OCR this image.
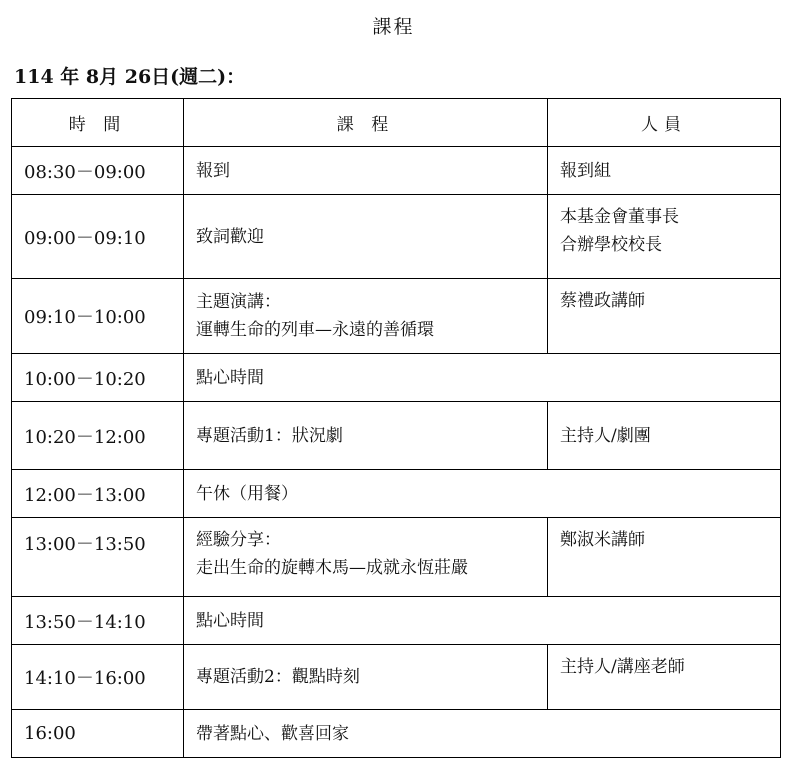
課程
114 年 8月 26日(週二)：
時 間	課 程	人員
08:30－09:00	報到	報到組

09:00－09:10	致詞歡迎	本基金會董事長
合辦學校校長

09:10－10:00	主題演講：
運轉生命的列車—永遠的善循環	蔡禮政講師

10:00－10:20	點心時間	

10:20－12:00	專題活動1：狀況劇	主持人/劇團

12:00－13:00	午休（用餐）	

13:00－13:50	經驗分享：
走出生命的旋轉木馬—成就永恆莊嚴	鄭淑米講師

13:50－14:10	點心時間	

14:10－16:00	專題活動2：觀點時刻	主持人/講座老師

16:00	帶著點心、歡喜回家	
